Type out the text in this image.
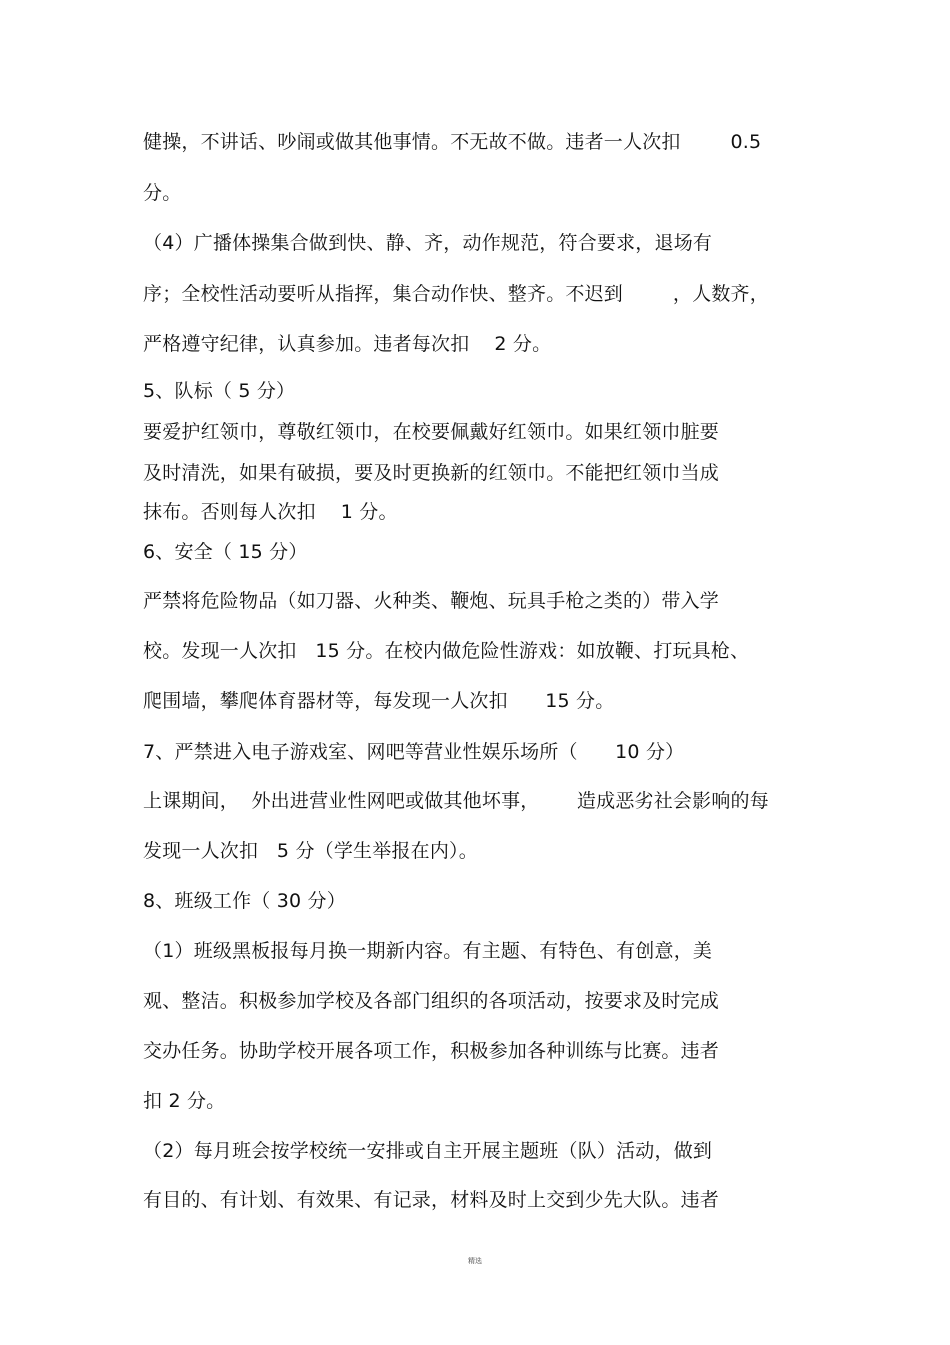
健操，不讲话、吵闹或做其他事情。不无故不做。违者一人次扣        0.5
分。
（4）广播体操集合做到快、静、齐，动作规范，符合要求，退场有
序；全校性活动要听从指挥，集合动作快、整齐。不迟到        ，人数齐，
严格遵守纪律，认真参加。违者每次扣    2 分。
5、队标（ 5 分）
要爱护红领巾，尊敬红领巾，在校要佩戴好红领巾。如果红领巾脏要
及时清洗，如果有破损，要及时更换新的红领巾。不能把红领巾当成
抹布。否则每人次扣    1 分。
6、安全（ 15 分）
严禁将危险物品（如刀器、火种类、鞭炮、玩具手枪之类的）带入学
校。发现一人次扣   15 分。在校内做危险性游戏：如放鞭、打玩具枪、
爬围墙，攀爬体育器材等，每发现一人次扣      15 分。
7、严禁进入电子游戏室、网吧等营业性娱乐场所（      10 分）
上课期间，  外出进营业性网吧或做其他坏事，      造成恶劣社会影响的每
发现一人次扣   5 分（学生举报在内）。
8、班级工作（ 30 分）
（1）班级黑板报每月换一期新内容。有主题、有特色、有创意，美
观、整洁。积极参加学校及各部门组织的各项活动，按要求及时完成
交办任务。协助学校开展各项工作，积极参加各种训练与比赛。违者
扣 2 分。
（2）每月班会按学校统一安排或自主开展主题班（队）活动，做到
有目的、有计划、有效果、有记录，材料及时上交到少先大队。违者
精选
